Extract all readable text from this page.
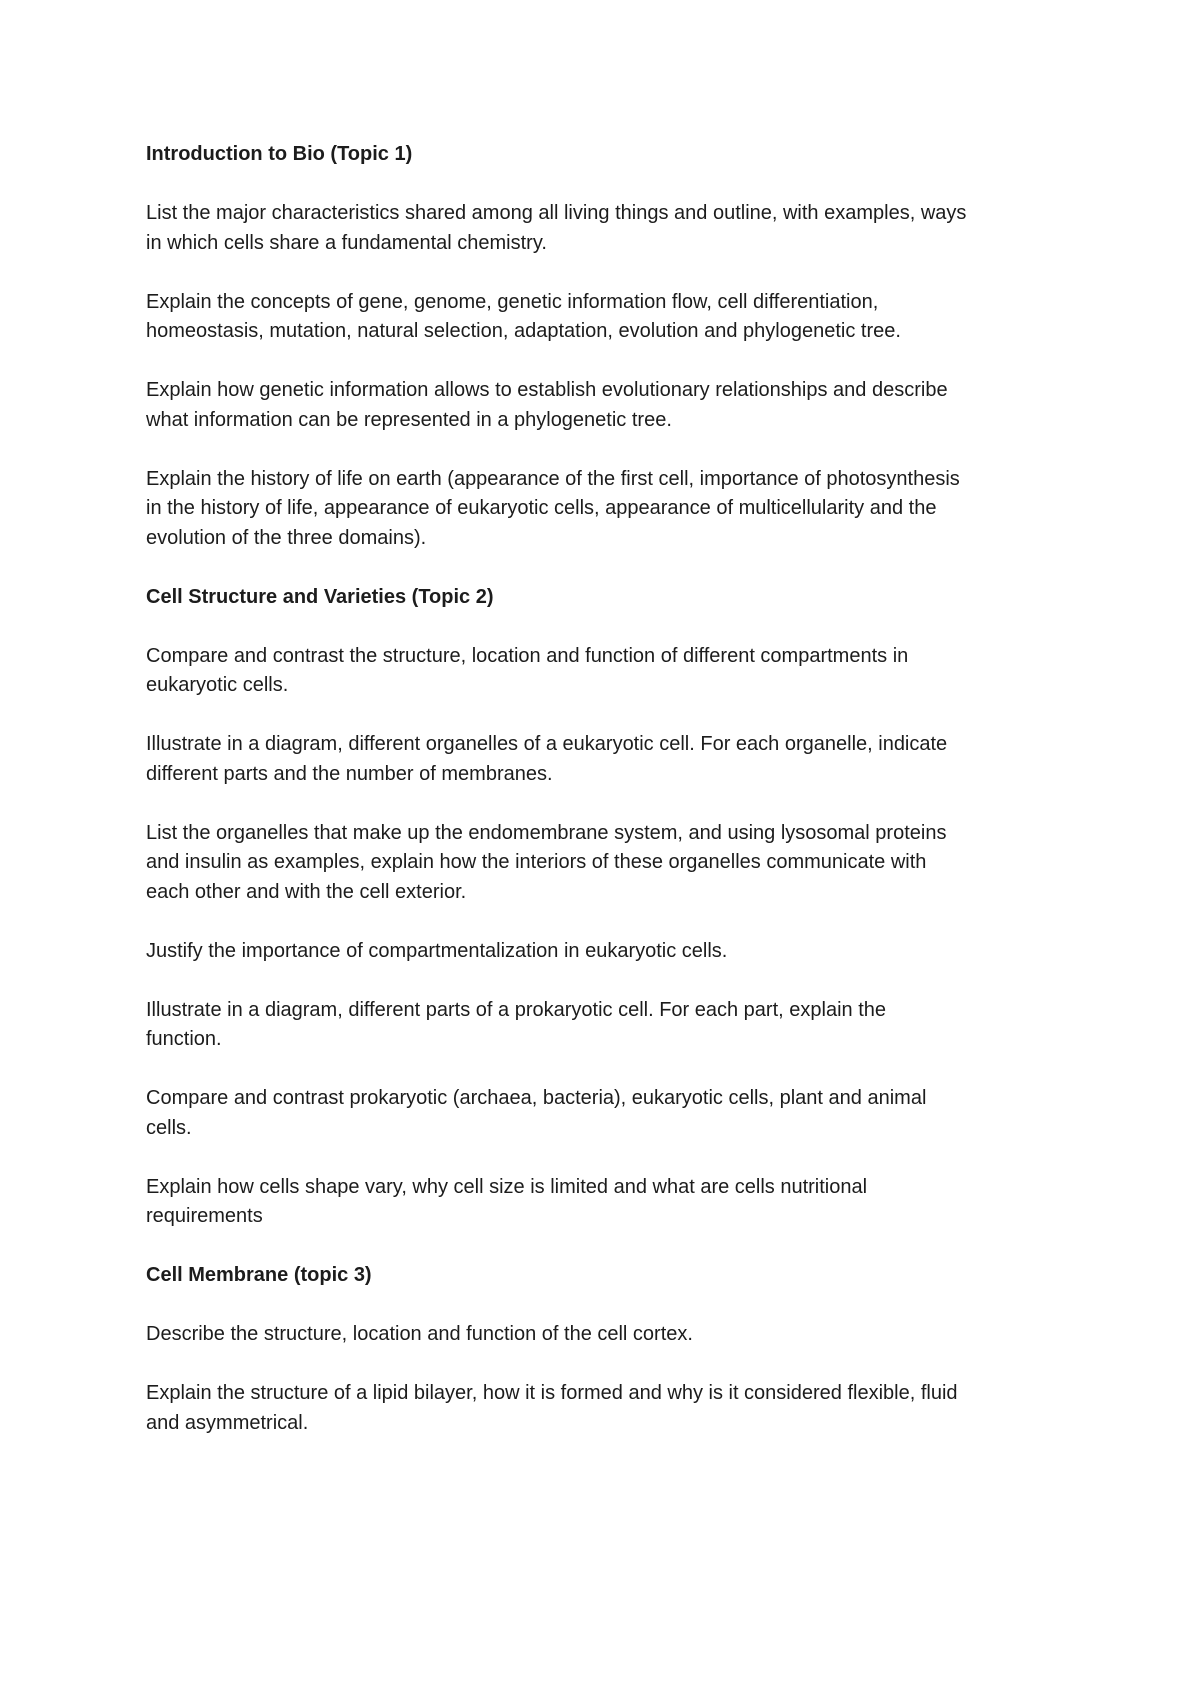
Introduction to Bio (Topic 1)
List the major characteristics shared among all living things and outline, with examples, ways
in which cells share a fundamental chemistry.
Explain the concepts of gene, genome, genetic information flow, cell differentiation,
homeostasis, mutation, natural selection, adaptation, evolution and phylogenetic tree.
Explain how genetic information allows to establish evolutionary relationships and describe
what information can be represented in a phylogenetic tree.
Explain the history of life on earth (appearance of the first cell, importance of photosynthesis
in the history of life, appearance of eukaryotic cells, appearance of multicellularity and the
evolution of the three domains).
Cell Structure and Varieties (Topic 2)
Compare and contrast the structure, location and function of different compartments in
eukaryotic cells.
Illustrate in a diagram, different organelles of a eukaryotic cell. For each organelle, indicate
different parts and the number of membranes.
List the organelles that make up the endomembrane system, and using lysosomal proteins
and insulin as examples, explain how the interiors of these organelles communicate with
each other and with the cell exterior.
Justify the importance of compartmentalization in eukaryotic cells.
Illustrate in a diagram, different parts of a prokaryotic cell. For each part, explain the
function.
Compare and contrast prokaryotic (archaea, bacteria), eukaryotic cells, plant and animal
cells.
Explain how cells shape vary, why cell size is limited and what are cells nutritional
requirements
Cell Membrane (topic 3)
Describe the structure, location and function of the cell cortex.
Explain the structure of a lipid bilayer, how it is formed and why is it considered flexible, fluid
and asymmetrical.
